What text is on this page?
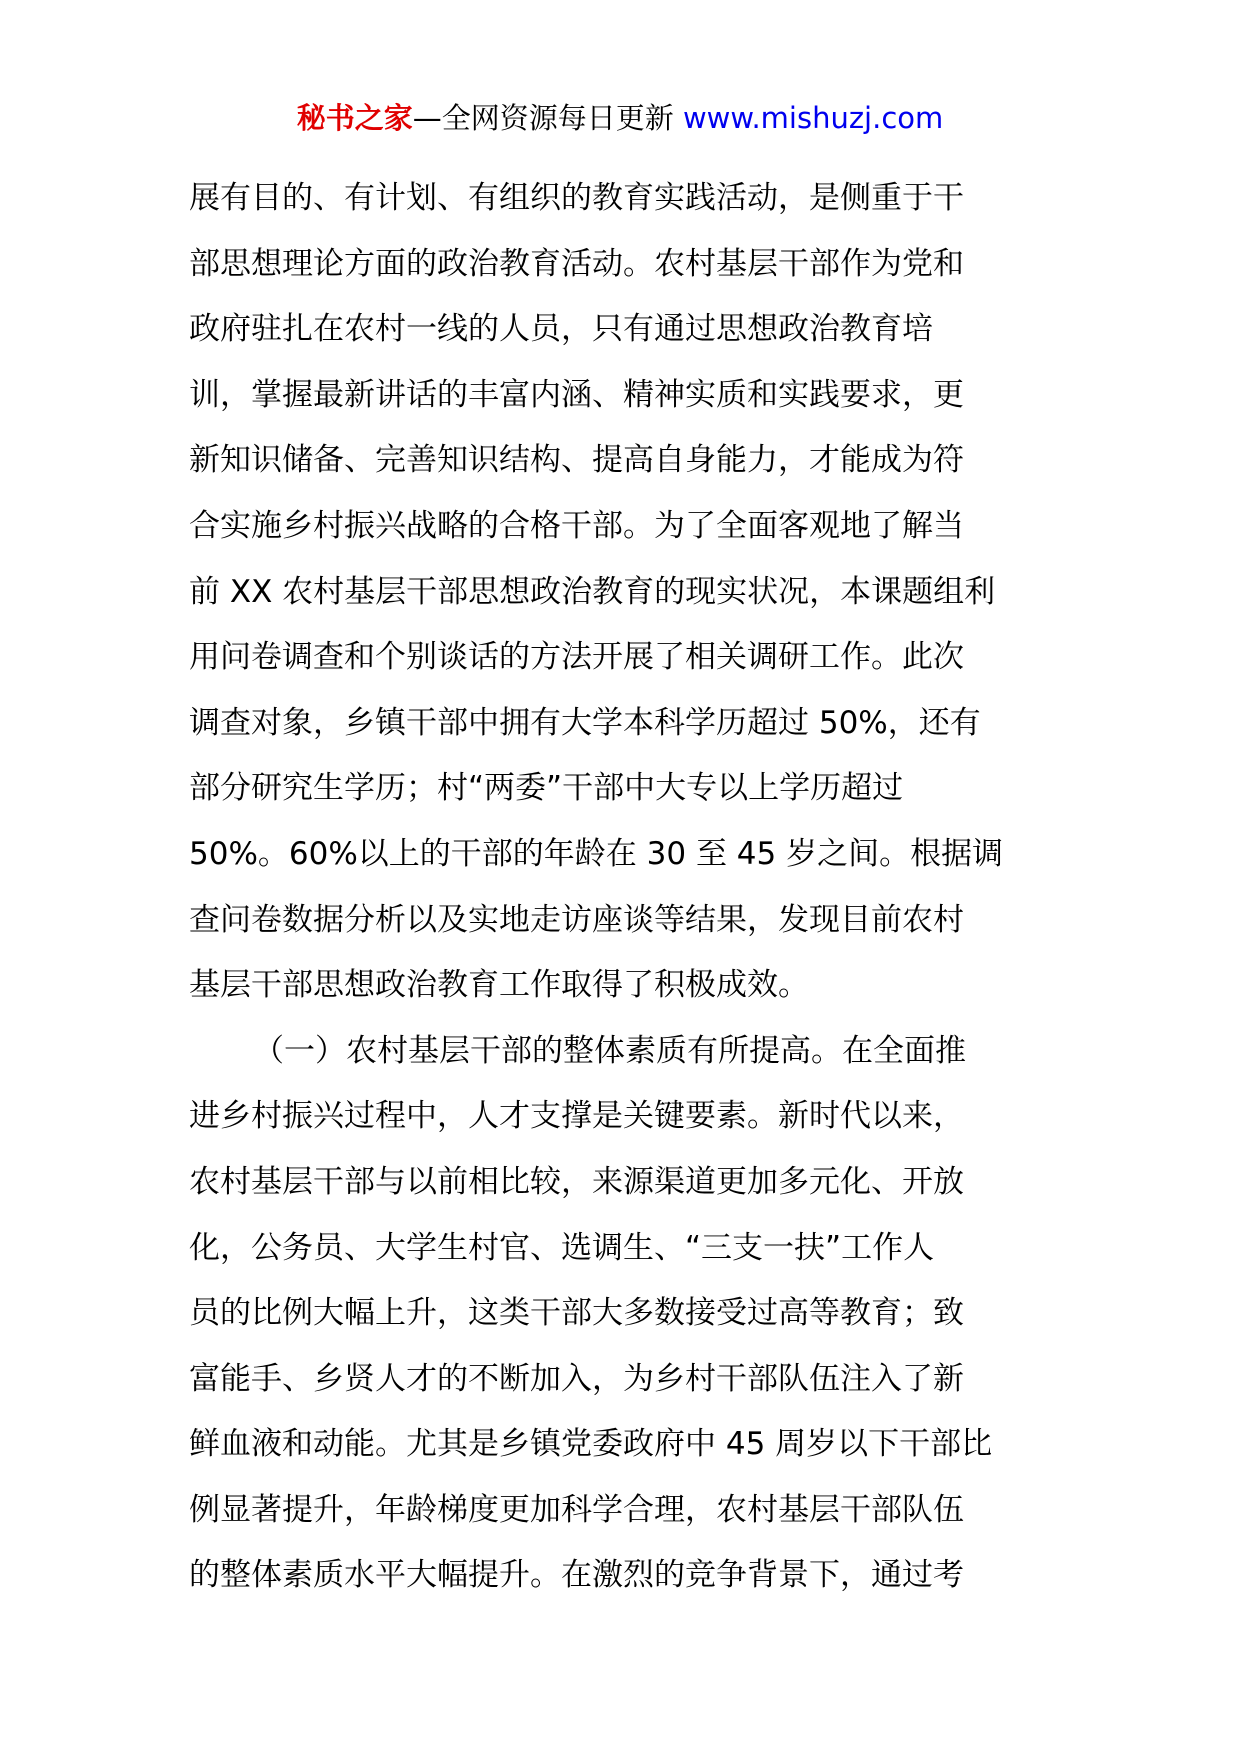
秘书之家—全网资源每日更新 www.mishuzj.com
展有目的、有计划、有组织的教育实践活动，是侧重于干
部思想理论方面的政治教育活动。农村基层干部作为党和
政府驻扎在农村一线的人员，只有通过思想政治教育培
训，掌握最新讲话的丰富内涵、精神实质和实践要求，更
新知识储备、完善知识结构、提高自身能力，才能成为符
合实施乡村振兴战略的合格干部。为了全面客观地了解当
前 XX 农村基层干部思想政治教育的现实状况，本课题组利
用问卷调查和个别谈话的方法开展了相关调研工作。此次
调查对象，乡镇干部中拥有大学本科学历超过 50%，还有
部分研究生学历；村“两委”干部中大专以上学历超过
50%。60%以上的干部的年龄在 30 至 45 岁之间。根据调
查问卷数据分析以及实地走访座谈等结果，发现目前农村
基层干部思想政治教育工作取得了积极成效。
（一）农村基层干部的整体素质有所提高。在全面推
进乡村振兴过程中，人才支撑是关键要素。新时代以来，
农村基层干部与以前相比较，来源渠道更加多元化、开放
化，公务员、大学生村官、选调生、“三支一扶”工作人
员的比例大幅上升，这类干部大多数接受过高等教育；致
富能手、乡贤人才的不断加入，为乡村干部队伍注入了新
鲜血液和动能。尤其是乡镇党委政府中 45 周岁以下干部比
例显著提升，年龄梯度更加科学合理，农村基层干部队伍
的整体素质水平大幅提升。在激烈的竞争背景下，通过考
